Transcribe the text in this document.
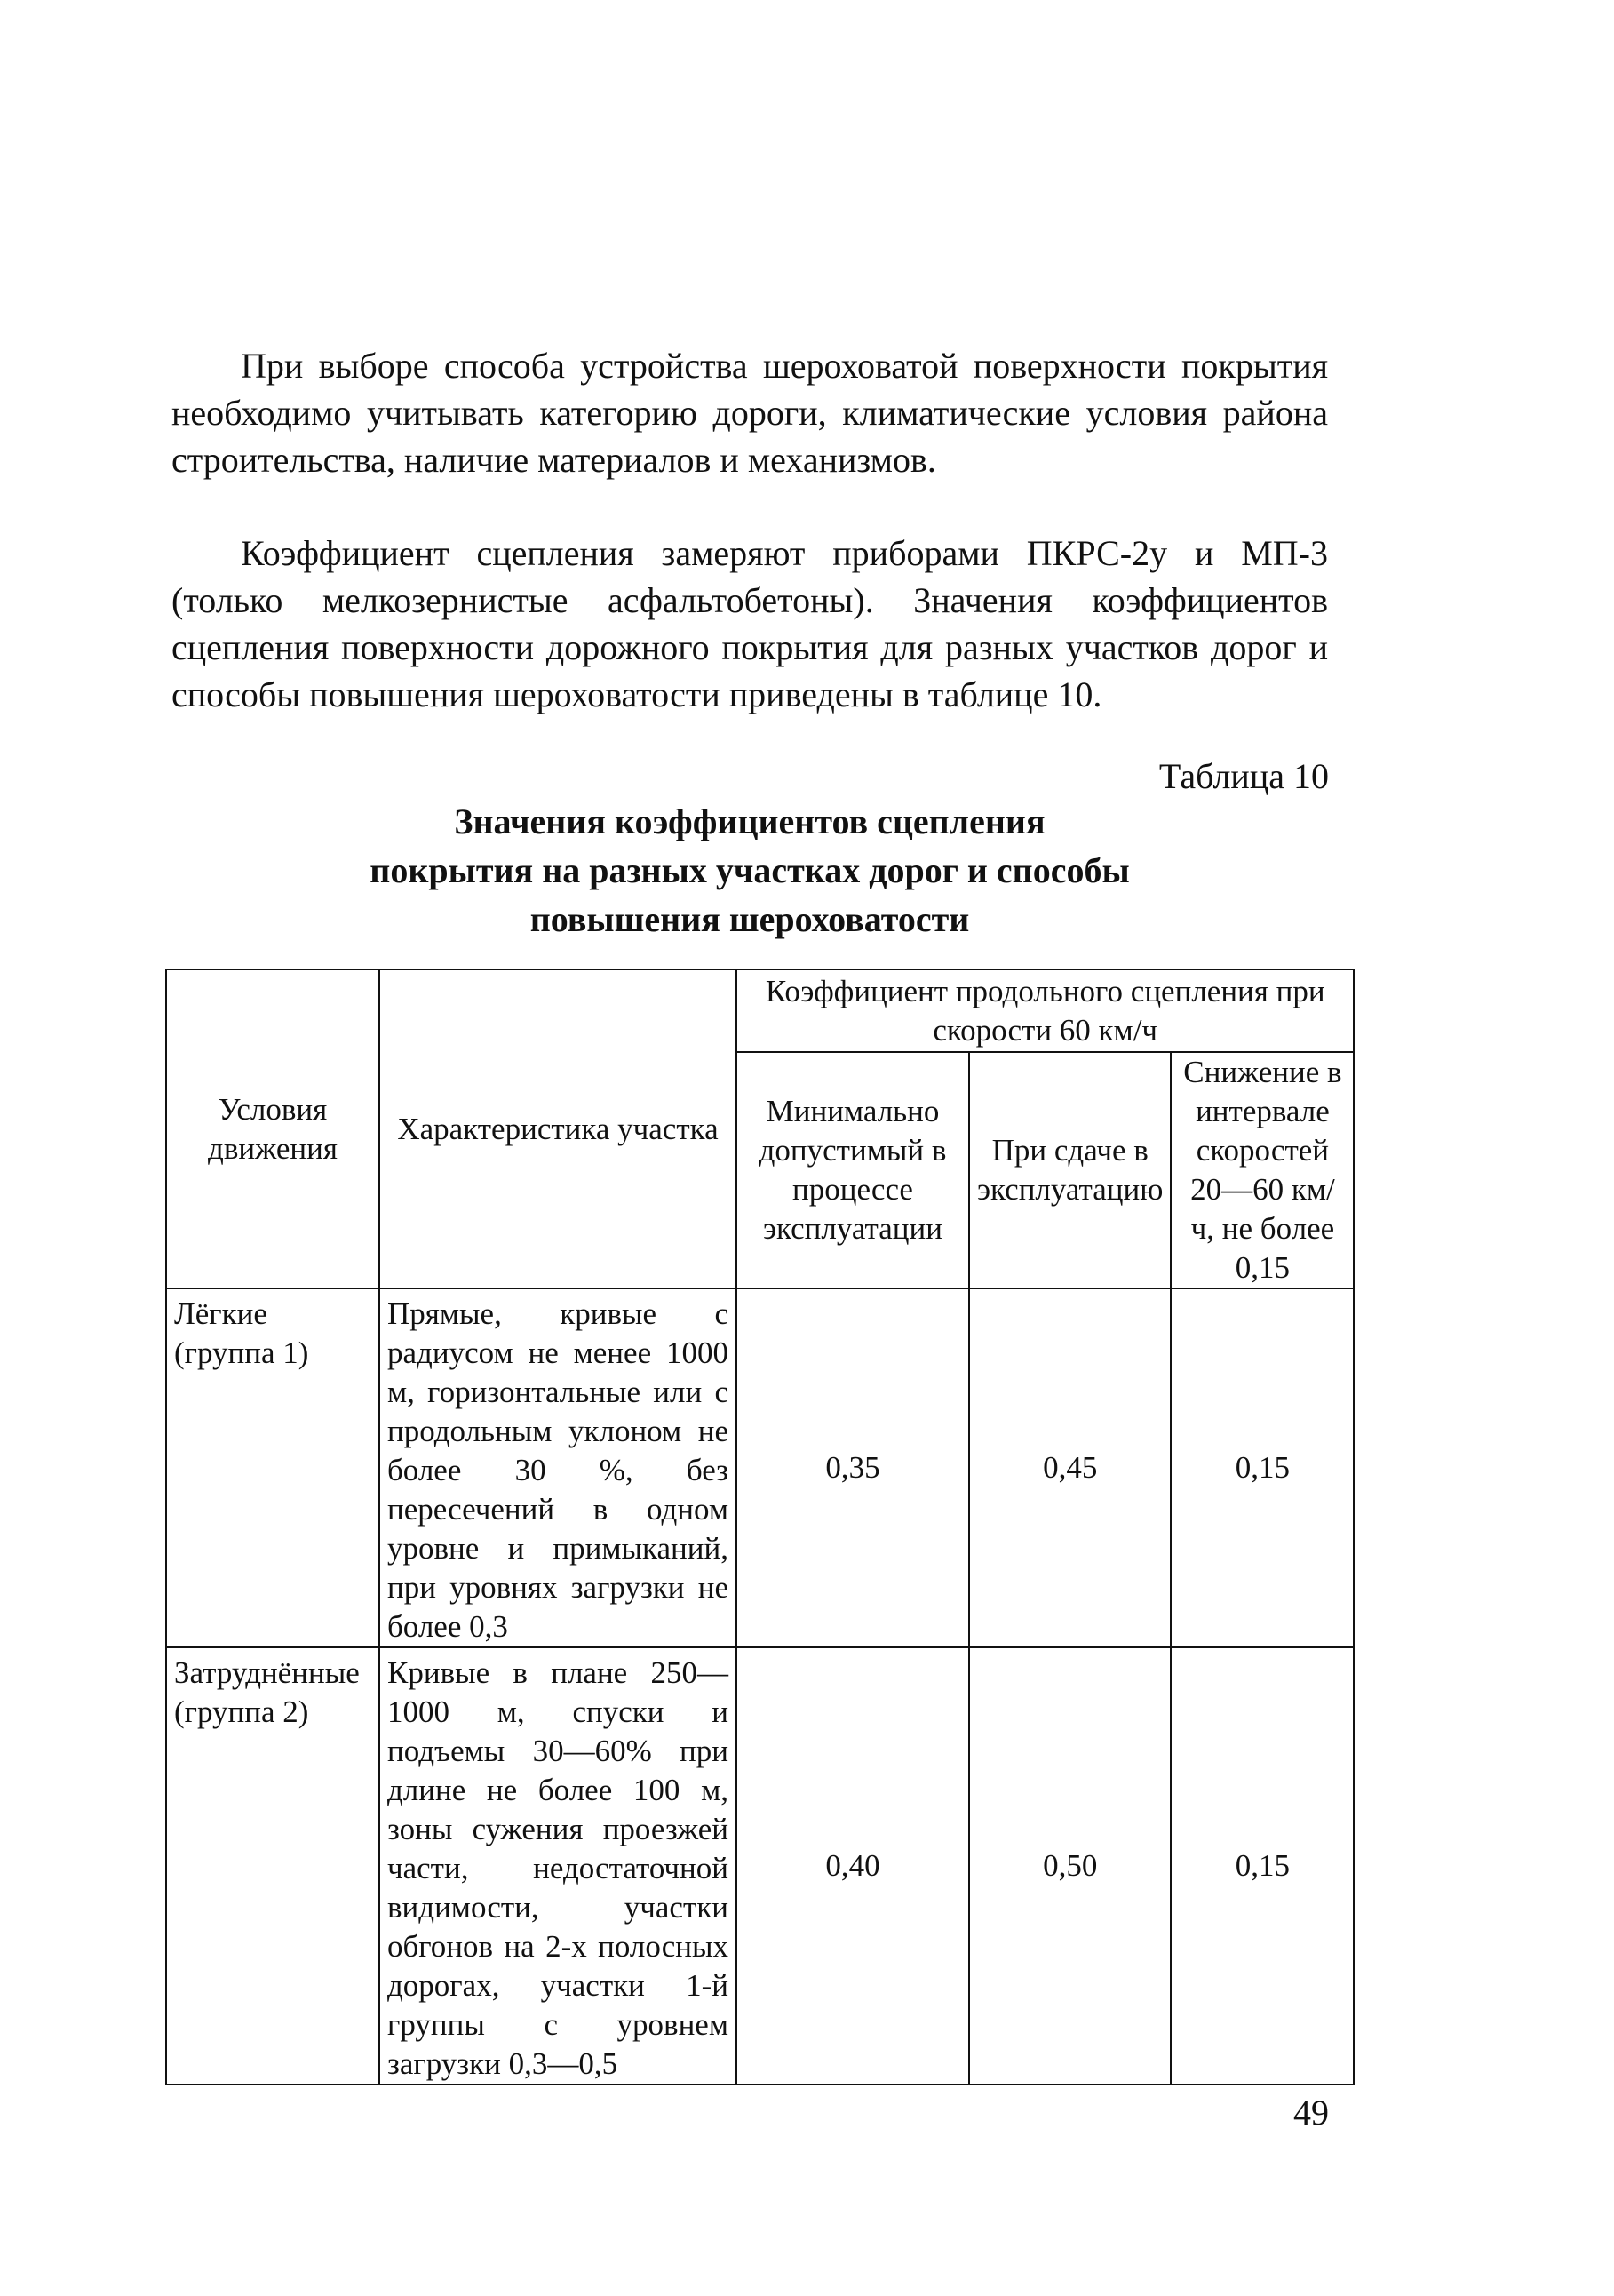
При выборе способа устройства шероховатой поверхности покрытия необходимо учитывать категорию дороги, климатические условия района строительства, наличие материалов и механизмов.

Коэффициент сцепления замеряют приборами ПКРС-2у и МП-3 (только мелкозернистые асфальтобетоны). Значения коэффициентов сцепления поверхности дорожного покрытия для разных участков дорог и способы повышения шероховатости приведены в таблице 10.

Таблица 10
Значения коэффициентов сцепления
покрытия на разных участках дорог и способы
повышения шероховатости
Условия движения	Характеристика участка	Коэффициент продольного сцепления при скорости 60 км/ч		
		Минимально допустимый в процессе эксплуатации	При сдаче в эксплуатацию	Снижение в интервале скоростей 20—60 км/ч, не более 0,15
Лёгкие (группа 1)	Прямые, кривые с радиусом не менее 1000 м, горизонтальные или с продольным уклоном не более 30 %, без пересечений в одном уровне и примыканий, при уровнях загрузки не более 0,3	0,35	0,45	0,15
Затруднённые (группа 2)	Кривые в плане 250—1000 м, спуски и подъемы 30—60% при длине не более 100 м, зоны сужения проезжей части, недостаточной видимости, участки обгонов на 2-х полосных дорогах, участки 1-й группы с уровнем загрузки 0,3—0,5	0,40	0,50	0,15
49
